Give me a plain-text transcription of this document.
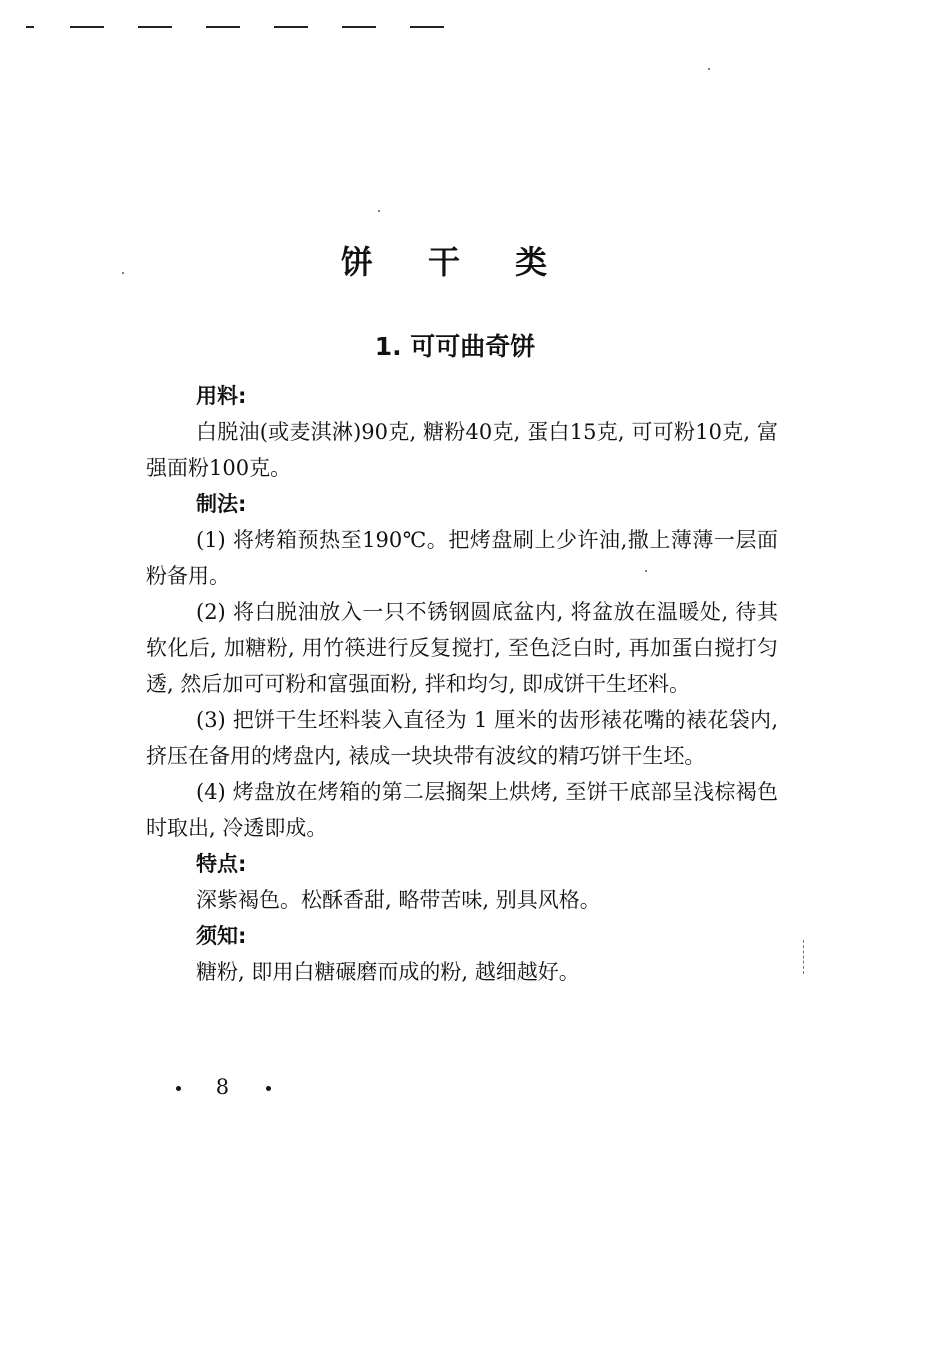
饼 干 类
1. 可可曲奇饼

用料:

白脱油(或麦淇淋)90克, 糖粉40克, 蛋白15克, 可可粉10克, 富强面粉100克。

制法:

(1) 将烤箱预热至190℃。把烤盘刷上少许油,撒上薄薄一层面粉备用。

(2) 将白脱油放入一只不锈钢圆底盆内, 将盆放在温暖处, 待其软化后, 加糖粉, 用竹筷进行反复搅打, 至色泛白时, 再加蛋白搅打匀透, 然后加可可粉和富强面粉, 拌和均匀, 即成饼干生坯料。

(3) 把饼干生坯料装入直径为 1 厘米的齿形裱花嘴的裱花袋内, 挤压在备用的烤盘内, 裱成一块块带有波纹的精巧饼干生坯。

(4) 烤盘放在烤箱的第二层搁架上烘烤, 至饼干底部呈浅棕褐色时取出, 冷透即成。

特点:

深紫褐色。松酥香甜, 略带苦味, 别具风格。

须知:

糖粉, 即用白糖碾磨而成的粉, 越细越好。

8
